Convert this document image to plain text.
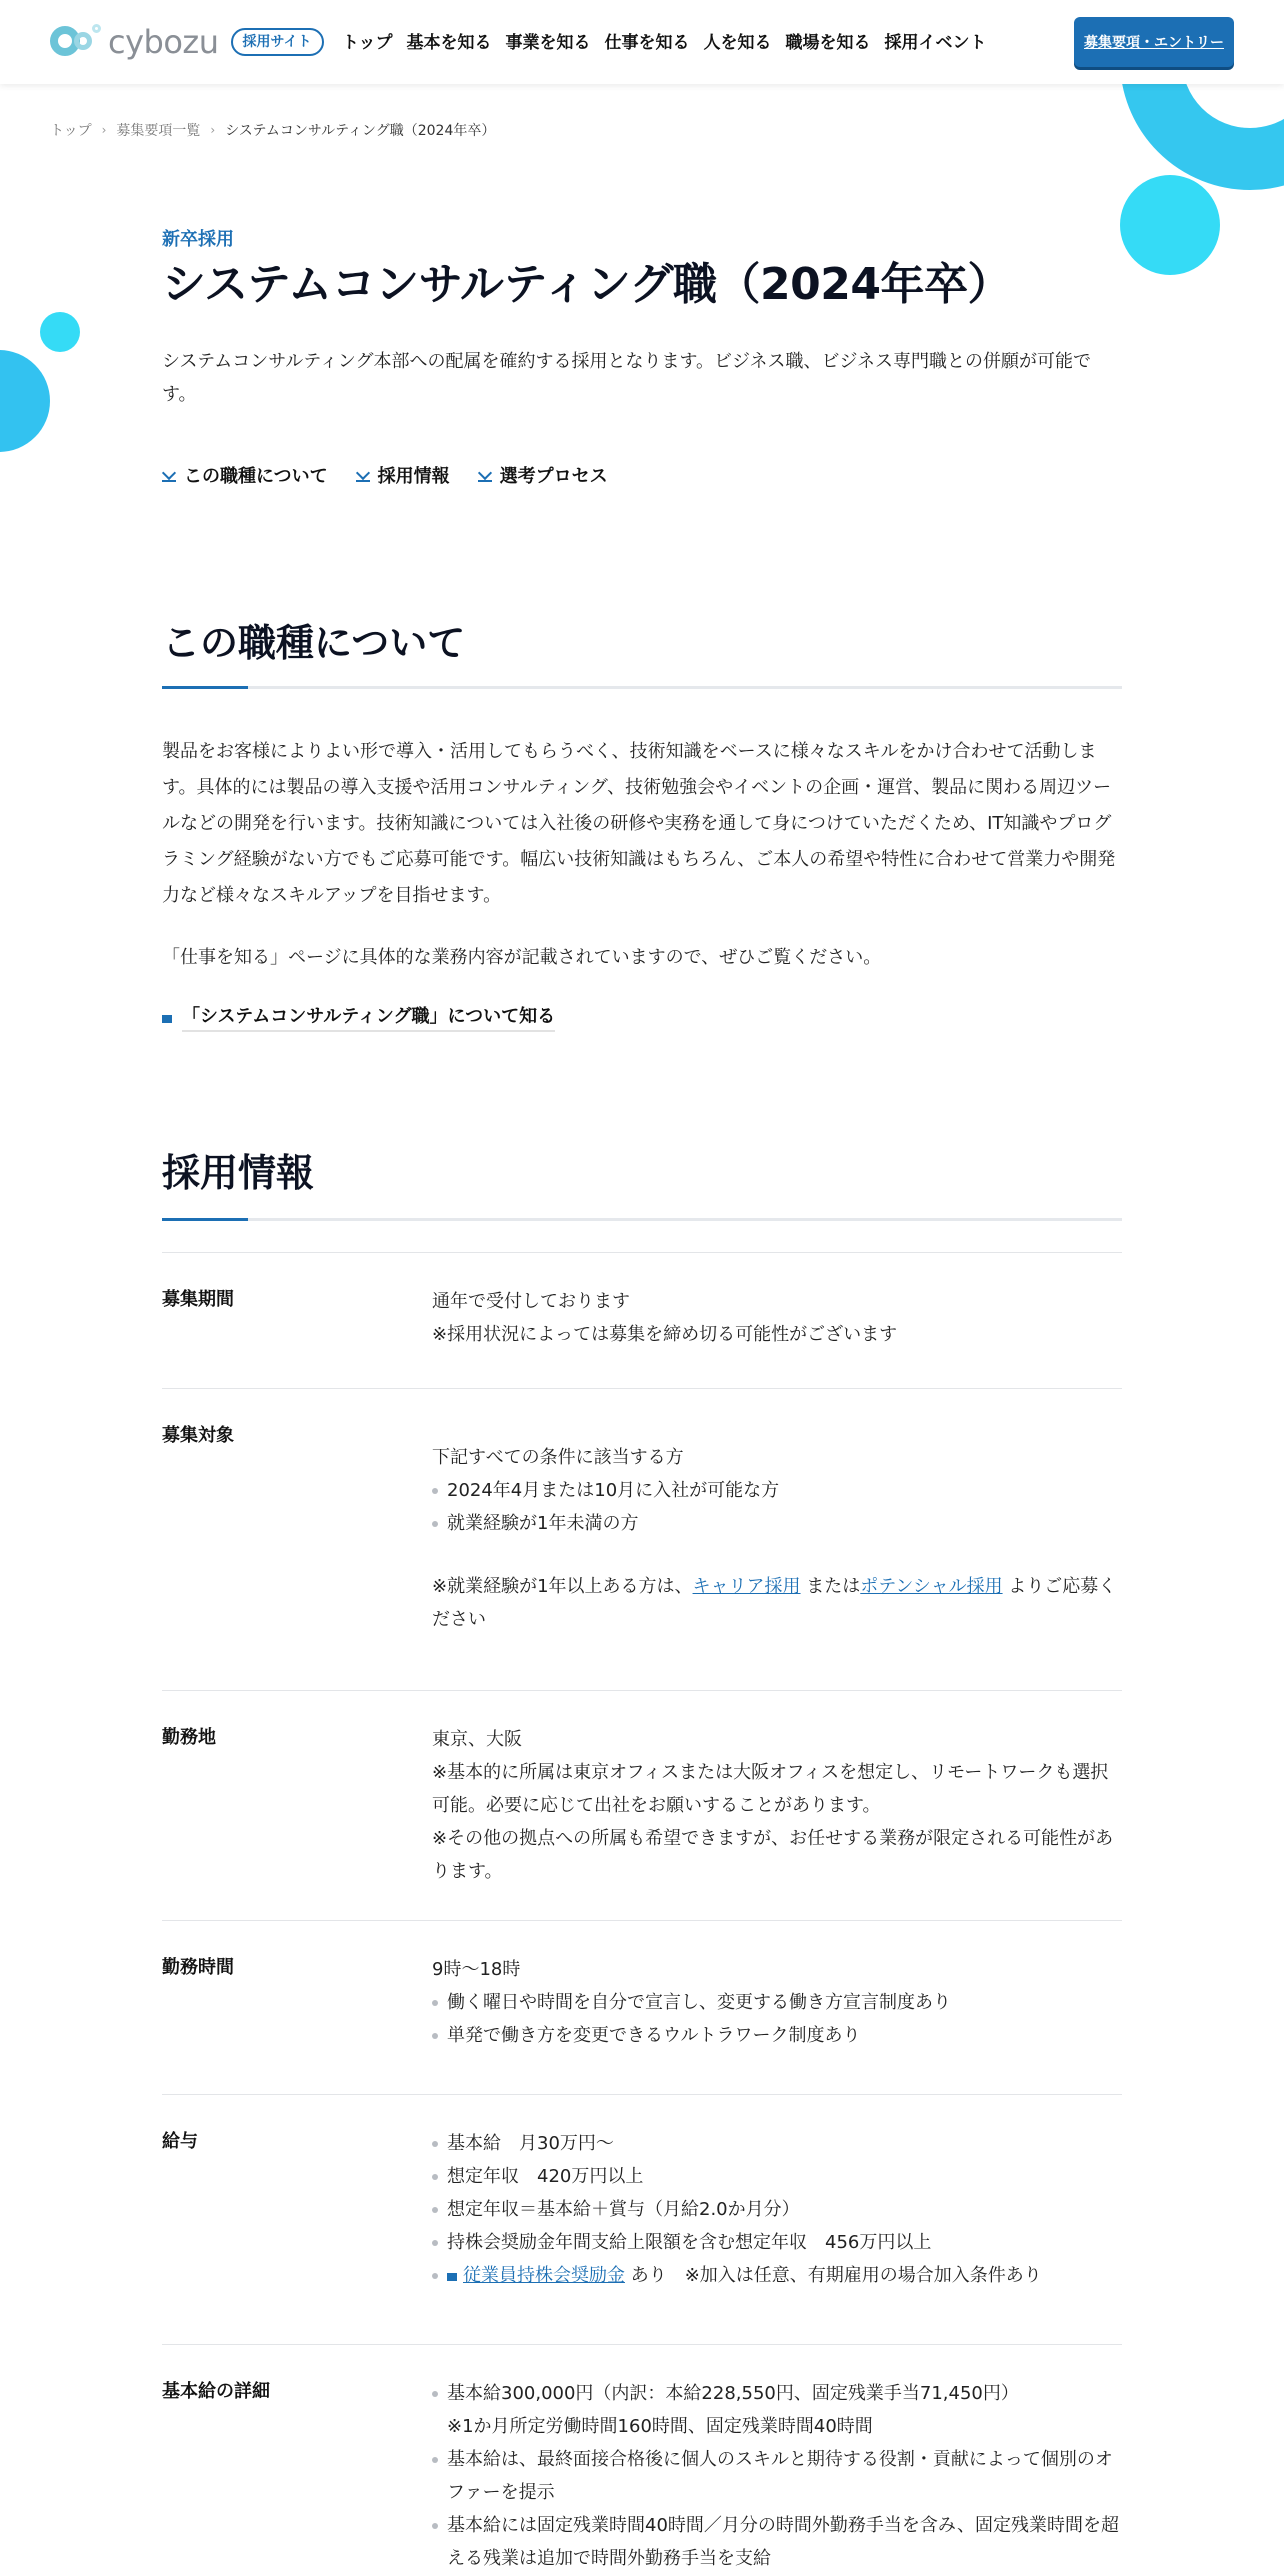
cybozu	採用サイト	トップ 基本を知る 事業を知る 仕事を知る 人を知る 職場を知る 採用イベント	募集要項・エントリー
トップ › 募集要項一覧 › システムコンサルティング職（2024年卒）
新卒採用
システムコンサルティング職（2024年卒）

システムコンサルティング本部への配属を確約する採用となります。ビジネス職、ビジネス専門職との併願が可能です。

この職種について	採用情報	選考プロセス
この職種について

製品をお客様によりよい形で導入・活用してもらうべく、技術知識をベースに様々なスキルをかけ合わせて活動します。具体的には製品の導入支援や活用コンサルティング、技術勉強会やイベントの企画・運営、製品に関わる周辺ツールなどの開発を行います。技術知識については入社後の研修や実務を通して身につけていただくため、IT知識やプログラミング経験がない方でもご応募可能です。幅広い技術知識はもちろん、ご本人の希望や特性に合わせて営業力や開発力など様々なスキルアップを目指せます。

「仕事を知る」ページに具体的な業務内容が記載されていますので、ぜひご覧ください。

「システムコンサルティング職」について知る
採用情報
募集期間	通年で受付しております
※採用状況によっては募集を締め切る可能性がございます
募集対象
下記すべての条件に該当する方
2024年4月または10月に入社が可能な方
就業経験が1年未満の方
※就業経験が1年以上ある方は、キャリア採用 またはポテンシャル採用 よりご応募ください
勤務地	東京、大阪
※基本的に所属は東京オフィスまたは大阪オフィスを想定し、リモートワークも選択可能。必要に応じて出社をお願いすることがあります。
※その他の拠点への所属も希望できますが、お任せする業務が限定される可能性があります。
勤務時間	9時～18時
働く曜日や時間を自分で宣言し、変更する働き方宣言制度あり
単発で働き方を変更できるウルトラワーク制度あり
給与	基本給　月30万円～
想定年収　420万円以上
想定年収＝基本給＋賞与（月給2.0か月分）
持株会奨励金年間支給上限額を含む想定年収　456万円以上
従業員持株会奨励金 あり　※加入は任意、有期雇用の場合加入条件あり
基本給の詳細	基本給300,000円（内訳：本給228,550円、固定残業手当71,450円）
※1か月所定労働時間160時間、固定残業時間40時間
基本給は、最終面接合格後に個人のスキルと期待する役割・貢献によって個別のオファーを提示
基本給には固定残業時間40時間／月分の時間外勤務手当を含み、固定残業時間を超える残業は追加で時間外勤務手当を支給
